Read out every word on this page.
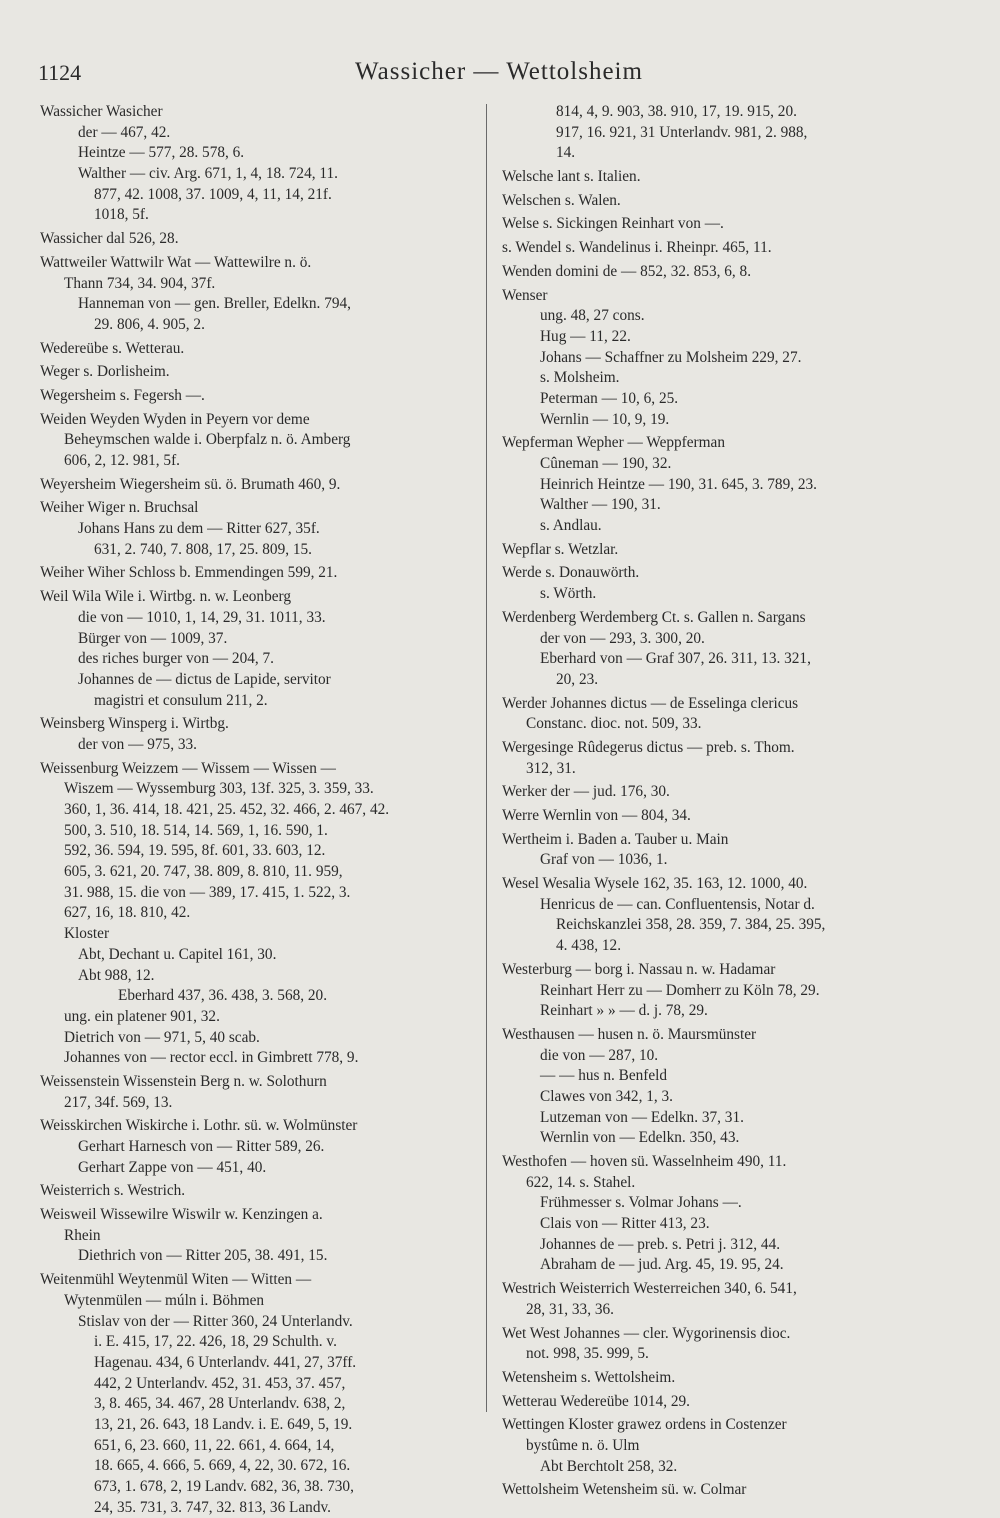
1124	Wassicher — Wettolsheim
Wassicher Wasicher
der — 467, 42.
Heintze — 577, 28. 578, 6.
Walther — civ. Arg. 671, 1, 4, 18. 724, 11.
877, 42. 1008, 37. 1009, 4, 11, 14, 21f.
1018, 5f.
Wassicher dal 526, 28.
Wattweiler Wattwilr Wat — Wattewilre n. ö.
Thann 734, 34. 904, 37f.
Hanneman von — gen. Breller, Edelkn. 794,
29. 806, 4. 905, 2.
Wedereübe s. Wetterau.
Weger s. Dorlisheim.
Wegersheim s. Fegersh —.
Weiden Weyden Wyden in Peyern vor deme
Beheymschen walde i. Oberpfalz n. ö. Amberg
606, 2, 12. 981, 5f.
Weyersheim Wiegersheim sü. ö. Brumath 460, 9.
Weiher Wiger n. Bruchsal
Johans Hans zu dem — Ritter 627, 35f.
631, 2. 740, 7. 808, 17, 25. 809, 15.
Weiher Wiher Schloss b. Emmendingen 599, 21.
Weil Wila Wile i. Wirtbg. n. w. Leonberg
die von — 1010, 1, 14, 29, 31. 1011, 33.
Bürger von — 1009, 37.
des riches burger von — 204, 7.
Johannes de — dictus de Lapide, servitor
magistri et consulum 211, 2.
Weinsberg Winsperg i. Wirtbg.
der von — 975, 33.
Weissenburg Weizzem — Wissem — Wissen —
Wiszem — Wyssemburg 303, 13f. 325, 3. 359, 33.
360, 1, 36. 414, 18. 421, 25. 452, 32. 466, 2. 467, 42.
500, 3. 510, 18. 514, 14. 569, 1, 16. 590, 1.
592, 36. 594, 19. 595, 8f. 601, 33. 603, 12.
605, 3. 621, 20. 747, 38. 809, 8. 810, 11. 959,
31. 988, 15. die von — 389, 17. 415, 1. 522, 3.
627, 16, 18. 810, 42.
Kloster
Abt, Dechant u. Capitel 161, 30.
Abt 988, 12.
Eberhard 437, 36. 438, 3. 568, 20.
ung. ein platener 901, 32.
Dietrich von — 971, 5, 40 scab.
Johannes von — rector eccl. in Gimbrett 778, 9.
Weissenstein Wissenstein Berg n. w. Solothurn
217, 34f. 569, 13.
Weisskirchen Wiskirche i. Lothr. sü. w. Wolmünster
Gerhart Harnesch von — Ritter 589, 26.
Gerhart Zappe von — 451, 40.
Weisterrich s. Westrich.
Weisweil Wissewilre Wiswilr w. Kenzingen a.
Rhein
Diethrich von — Ritter 205, 38. 491, 15.
Weitenmühl Weytenmül Witen — Witten —
Wytenmülen — múln i. Böhmen
Stislav von der — Ritter 360, 24 Unterlandv.
i. E. 415, 17, 22. 426, 18, 29 Schulth. v.
Hagenau. 434, 6 Unterlandv. 441, 27, 37ff.
442, 2 Unterlandv. 452, 31. 453, 37. 457,
3, 8. 465, 34. 467, 28 Unterlandv. 638, 2,
13, 21, 26. 643, 18 Landv. i. E. 649, 5, 19.
651, 6, 23. 660, 11, 22. 661, 4. 664, 14,
18. 665, 4. 666, 5. 669, 4, 22, 30. 672, 16.
673, 1. 678, 2, 19 Landv. 682, 36, 38. 730,
24, 35. 731, 3. 747, 32. 813, 36 Landv.
814, 4, 9. 903, 38. 910, 17, 19. 915, 20.
917, 16. 921, 31 Unterlandv. 981, 2. 988,
14.
Welsche lant s. Italien.
Welschen s. Walen.
Welse s. Sickingen Reinhart von —.
s. Wendel s. Wandelinus i. Rheinpr. 465, 11.
Wenden domini de — 852, 32. 853, 6, 8.
Wenser
ung. 48, 27 cons.
Hug — 11, 22.
Johans — Schaffner zu Molsheim 229, 27.
s. Molsheim.
Peterman — 10, 6, 25.
Wernlin — 10, 9, 19.
Wepferman Wepher — Weppferman
Cûneman — 190, 32.
Heinrich Heintze — 190, 31. 645, 3. 789, 23.
Walther — 190, 31.
s. Andlau.
Wepflar s. Wetzlar.
Werde s. Donauwörth.
s. Wörth.
Werdenberg Werdemberg Ct. s. Gallen n. Sargans
der von — 293, 3. 300, 20.
Eberhard von — Graf 307, 26. 311, 13. 321,
20, 23.
Werder Johannes dictus — de Esselinga clericus
Constanc. dioc. not. 509, 33.
Wergesinge Rûdegerus dictus — preb. s. Thom.
312, 31.
Werker der — jud. 176, 30.
Werre Wernlin von — 804, 34.
Wertheim i. Baden a. Tauber u. Main
Graf von — 1036, 1.
Wesel Wesalia Wysele 162, 35. 163, 12. 1000, 40.
Henricus de — can. Confluentensis, Notar d.
Reichskanzlei 358, 28. 359, 7. 384, 25. 395,
4. 438, 12.
Westerburg — borg i. Nassau n. w. Hadamar
Reinhart Herr zu — Domherr zu Köln 78, 29.
Reinhart » » — d. j. 78, 29.
Westhausen — husen n. ö. Maursmünster
die von — 287, 10.
— — hus n. Benfeld
Clawes von 342, 1, 3.
Lutzeman von — Edelkn. 37, 31.
Wernlin von — Edelkn. 350, 43.
Westhofen — hoven sü. Wasselnheim 490, 11.
622, 14. s. Stahel.
Frühmesser s. Volmar Johans —.
Clais von — Ritter 413, 23.
Johannes de — preb. s. Petri j. 312, 44.
Abraham de — jud. Arg. 45, 19. 95, 24.
Westrich Weisterrich Westerreichen 340, 6. 541,
28, 31, 33, 36.
Wet West Johannes — cler. Wygorinensis dioc.
not. 998, 35. 999, 5.
Wetensheim s. Wettolsheim.
Wetterau Wedereübe 1014, 29.
Wettingen Kloster grawez ordens in Costenzer
bystûme n. ö. Ulm
Abt Berchtolt 258, 32.
Wettolsheim Wetensheim sü. w. Colmar
